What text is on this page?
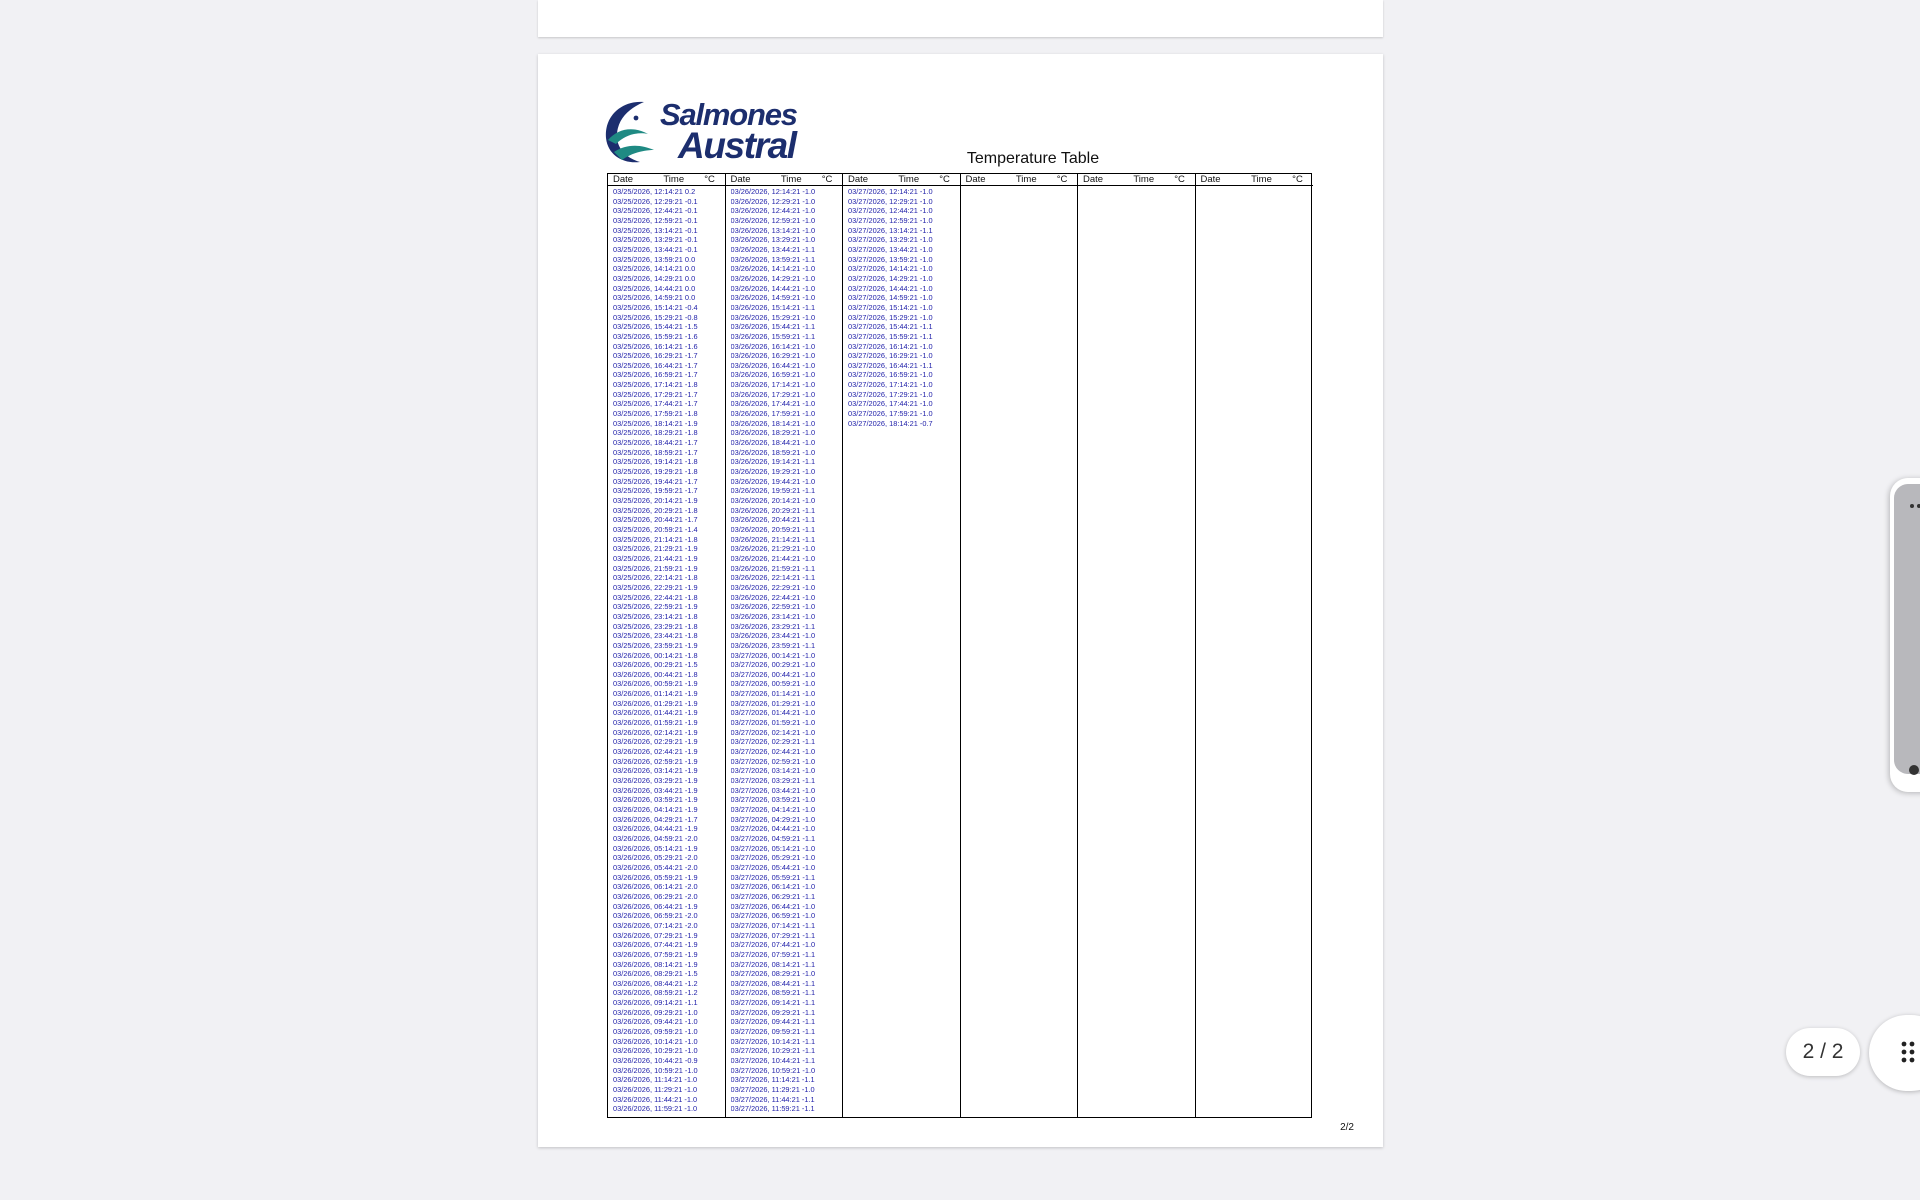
Salmones
Austral	Temperature Table
Date	Time	°C
03/25/2026, 12:14:21 0.2
03/25/2026, 12:29:21 -0.1
03/25/2026, 12:44:21 -0.1
03/25/2026, 12:59:21 -0.1
03/25/2026, 13:14:21 -0.1
03/25/2026, 13:29:21 -0.1
03/25/2026, 13:44:21 -0.1
03/25/2026, 13:59:21 0.0
03/25/2026, 14:14:21 0.0
03/25/2026, 14:29:21 0.0
03/25/2026, 14:44:21 0.0
03/25/2026, 14:59:21 0.0
03/25/2026, 15:14:21 -0.4
03/25/2026, 15:29:21 -0.8
03/25/2026, 15:44:21 -1.5
03/25/2026, 15:59:21 -1.6
03/25/2026, 16:14:21 -1.6
03/25/2026, 16:29:21 -1.7
03/25/2026, 16:44:21 -1.7
03/25/2026, 16:59:21 -1.7
03/25/2026, 17:14:21 -1.8
03/25/2026, 17:29:21 -1.7
03/25/2026, 17:44:21 -1.7
03/25/2026, 17:59:21 -1.8
03/25/2026, 18:14:21 -1.9
03/25/2026, 18:29:21 -1.8
03/25/2026, 18:44:21 -1.7
03/25/2026, 18:59:21 -1.7
03/25/2026, 19:14:21 -1.8
03/25/2026, 19:29:21 -1.8
03/25/2026, 19:44:21 -1.7
03/25/2026, 19:59:21 -1.7
03/25/2026, 20:14:21 -1.9
03/25/2026, 20:29:21 -1.8
03/25/2026, 20:44:21 -1.7
03/25/2026, 20:59:21 -1.4
03/25/2026, 21:14:21 -1.8
03/25/2026, 21:29:21 -1.9
03/25/2026, 21:44:21 -1.9
03/25/2026, 21:59:21 -1.9
03/25/2026, 22:14:21 -1.8
03/25/2026, 22:29:21 -1.9
03/25/2026, 22:44:21 -1.8
03/25/2026, 22:59:21 -1.9
03/25/2026, 23:14:21 -1.8
03/25/2026, 23:29:21 -1.8
03/25/2026, 23:44:21 -1.8
03/25/2026, 23:59:21 -1.9
03/26/2026, 00:14:21 -1.8
03/26/2026, 00:29:21 -1.5
03/26/2026, 00:44:21 -1.8
03/26/2026, 00:59:21 -1.9
03/26/2026, 01:14:21 -1.9
03/26/2026, 01:29:21 -1.9
03/26/2026, 01:44:21 -1.9
03/26/2026, 01:59:21 -1.9
03/26/2026, 02:14:21 -1.9
03/26/2026, 02:29:21 -1.9
03/26/2026, 02:44:21 -1.9
03/26/2026, 02:59:21 -1.9
03/26/2026, 03:14:21 -1.9
03/26/2026, 03:29:21 -1.9
03/26/2026, 03:44:21 -1.9
03/26/2026, 03:59:21 -1.9
03/26/2026, 04:14:21 -1.9
03/26/2026, 04:29:21 -1.7
03/26/2026, 04:44:21 -1.9
03/26/2026, 04:59:21 -2.0
03/26/2026, 05:14:21 -1.9
03/26/2026, 05:29:21 -2.0
03/26/2026, 05:44:21 -2.0
03/26/2026, 05:59:21 -1.9
03/26/2026, 06:14:21 -2.0
03/26/2026, 06:29:21 -2.0
03/26/2026, 06:44:21 -1.9
03/26/2026, 06:59:21 -2.0
03/26/2026, 07:14:21 -2.0
03/26/2026, 07:29:21 -1.9
03/26/2026, 07:44:21 -1.9
03/26/2026, 07:59:21 -1.9
03/26/2026, 08:14:21 -1.9
03/26/2026, 08:29:21 -1.5
03/26/2026, 08:44:21 -1.2
03/26/2026, 08:59:21 -1.2
03/26/2026, 09:14:21 -1.1
03/26/2026, 09:29:21 -1.0
03/26/2026, 09:44:21 -1.0
03/26/2026, 09:59:21 -1.0
03/26/2026, 10:14:21 -1.0
03/26/2026, 10:29:21 -1.0
03/26/2026, 10:44:21 -0.9
03/26/2026, 10:59:21 -1.0
03/26/2026, 11:14:21 -1.0
03/26/2026, 11:29:21 -1.0
03/26/2026, 11:44:21 -1.0
03/26/2026, 11:59:21 -1.0
Date	Time	°C
03/26/2026, 12:14:21 -1.0
03/26/2026, 12:29:21 -1.0
03/26/2026, 12:44:21 -1.0
03/26/2026, 12:59:21 -1.0
03/26/2026, 13:14:21 -1.0
03/26/2026, 13:29:21 -1.0
03/26/2026, 13:44:21 -1.1
03/26/2026, 13:59:21 -1.1
03/26/2026, 14:14:21 -1.0
03/26/2026, 14:29:21 -1.0
03/26/2026, 14:44:21 -1.0
03/26/2026, 14:59:21 -1.0
03/26/2026, 15:14:21 -1.1
03/26/2026, 15:29:21 -1.0
03/26/2026, 15:44:21 -1.1
03/26/2026, 15:59:21 -1.1
03/26/2026, 16:14:21 -1.0
03/26/2026, 16:29:21 -1.0
03/26/2026, 16:44:21 -1.0
03/26/2026, 16:59:21 -1.0
03/26/2026, 17:14:21 -1.0
03/26/2026, 17:29:21 -1.0
03/26/2026, 17:44:21 -1.0
03/26/2026, 17:59:21 -1.0
03/26/2026, 18:14:21 -1.0
03/26/2026, 18:29:21 -1.0
03/26/2026, 18:44:21 -1.0
03/26/2026, 18:59:21 -1.0
03/26/2026, 19:14:21 -1.1
03/26/2026, 19:29:21 -1.0
03/26/2026, 19:44:21 -1.0
03/26/2026, 19:59:21 -1.1
03/26/2026, 20:14:21 -1.0
03/26/2026, 20:29:21 -1.1
03/26/2026, 20:44:21 -1.1
03/26/2026, 20:59:21 -1.1
03/26/2026, 21:14:21 -1.1
03/26/2026, 21:29:21 -1.0
03/26/2026, 21:44:21 -1.0
03/26/2026, 21:59:21 -1.1
03/26/2026, 22:14:21 -1.1
03/26/2026, 22:29:21 -1.0
03/26/2026, 22:44:21 -1.0
03/26/2026, 22:59:21 -1.0
03/26/2026, 23:14:21 -1.0
03/26/2026, 23:29:21 -1.1
03/26/2026, 23:44:21 -1.0
03/26/2026, 23:59:21 -1.1
03/27/2026, 00:14:21 -1.0
03/27/2026, 00:29:21 -1.0
03/27/2026, 00:44:21 -1.0
03/27/2026, 00:59:21 -1.0
03/27/2026, 01:14:21 -1.0
03/27/2026, 01:29:21 -1.0
03/27/2026, 01:44:21 -1.0
03/27/2026, 01:59:21 -1.0
03/27/2026, 02:14:21 -1.0
03/27/2026, 02:29:21 -1.1
03/27/2026, 02:44:21 -1.0
03/27/2026, 02:59:21 -1.0
03/27/2026, 03:14:21 -1.0
03/27/2026, 03:29:21 -1.1
03/27/2026, 03:44:21 -1.0
03/27/2026, 03:59:21 -1.0
03/27/2026, 04:14:21 -1.0
03/27/2026, 04:29:21 -1.0
03/27/2026, 04:44:21 -1.0
03/27/2026, 04:59:21 -1.1
03/27/2026, 05:14:21 -1.0
03/27/2026, 05:29:21 -1.0
03/27/2026, 05:44:21 -1.0
03/27/2026, 05:59:21 -1.1
03/27/2026, 06:14:21 -1.0
03/27/2026, 06:29:21 -1.1
03/27/2026, 06:44:21 -1.0
03/27/2026, 06:59:21 -1.0
03/27/2026, 07:14:21 -1.1
03/27/2026, 07:29:21 -1.1
03/27/2026, 07:44:21 -1.0
03/27/2026, 07:59:21 -1.1
03/27/2026, 08:14:21 -1.1
03/27/2026, 08:29:21 -1.0
03/27/2026, 08:44:21 -1.1
03/27/2026, 08:59:21 -1.1
03/27/2026, 09:14:21 -1.1
03/27/2026, 09:29:21 -1.1
03/27/2026, 09:44:21 -1.1
03/27/2026, 09:59:21 -1.1
03/27/2026, 10:14:21 -1.1
03/27/2026, 10:29:21 -1.1
03/27/2026, 10:44:21 -1.1
03/27/2026, 10:59:21 -1.0
03/27/2026, 11:14:21 -1.1
03/27/2026, 11:29:21 -1.0
03/27/2026, 11:44:21 -1.1
03/27/2026, 11:59:21 -1.1
Date	Time	°C
03/27/2026, 12:14:21 -1.0
03/27/2026, 12:29:21 -1.0
03/27/2026, 12:44:21 -1.0
03/27/2026, 12:59:21 -1.0
03/27/2026, 13:14:21 -1.1
03/27/2026, 13:29:21 -1.0
03/27/2026, 13:44:21 -1.0
03/27/2026, 13:59:21 -1.0
03/27/2026, 14:14:21 -1.0
03/27/2026, 14:29:21 -1.0
03/27/2026, 14:44:21 -1.0
03/27/2026, 14:59:21 -1.0
03/27/2026, 15:14:21 -1.0
03/27/2026, 15:29:21 -1.0
03/27/2026, 15:44:21 -1.1
03/27/2026, 15:59:21 -1.1
03/27/2026, 16:14:21 -1.0
03/27/2026, 16:29:21 -1.0
03/27/2026, 16:44:21 -1.1
03/27/2026, 16:59:21 -1.0
03/27/2026, 17:14:21 -1.0
03/27/2026, 17:29:21 -1.0
03/27/2026, 17:44:21 -1.0
03/27/2026, 17:59:21 -1.0
03/27/2026, 18:14:21 -0.7
Date	Time	°C	Date	Time	°C	Date	Time	°C
2/2
2 / 2
